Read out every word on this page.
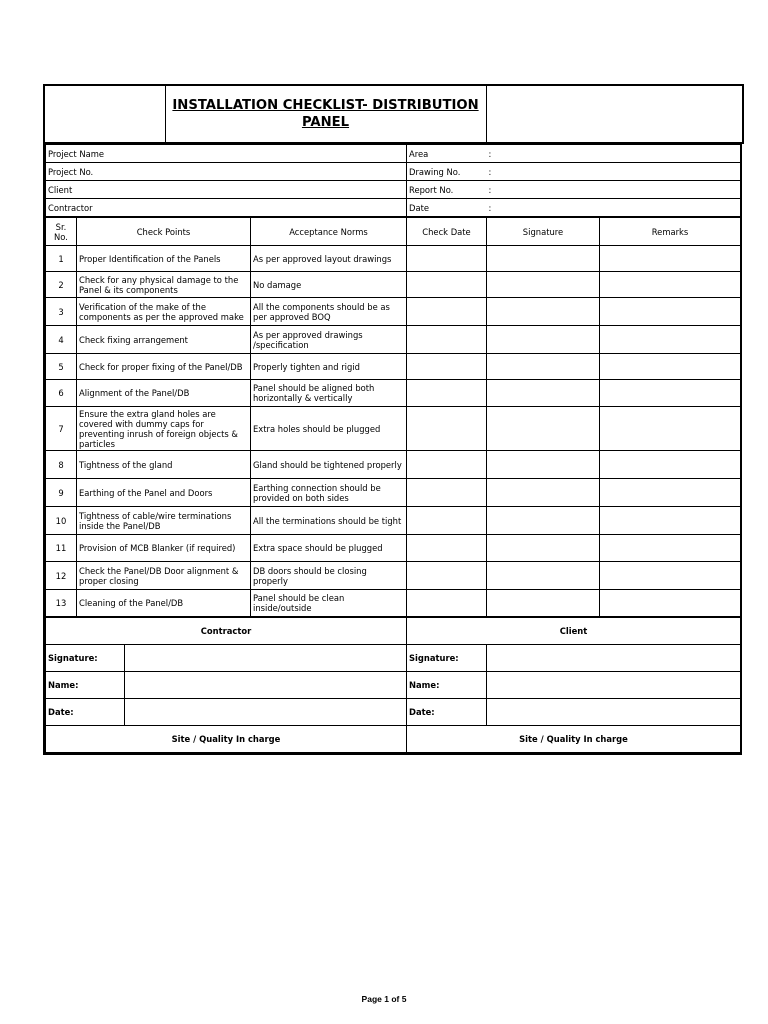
	INSTALLATION CHECKLIST- DISTRIBUTION PANEL	
Project Name	Area	:
Project No.	Drawing No.	:
Client	Report No.	:
Contractor	Date	:
Sr. No.	Check Points	Acceptance Norms	Check Date	Signature	Remarks
1	Proper Identification of the Panels	As per approved layout drawings			
2	Check for any physical damage to the Panel & its components	No damage			
3	Verification of the make of the components as per the approved make	All the components should be as per approved BOQ			
4	Check fixing arrangement	As per approved drawings /specification			
5	Check for proper fixing of the Panel/DB	Properly tighten and rigid			
6	Alignment of the Panel/DB	Panel should be aligned both horizontally & vertically			
7	Ensure the extra gland holes are covered with dummy caps for preventing inrush of foreign objects & particles	Extra holes should be plugged			
8	Tightness of the gland	Gland should be tightened properly			
9	Earthing of the Panel and Doors	Earthing connection should be provided on both sides			
10	Tightness of cable/wire terminations inside the Panel/DB	All the terminations should be tight			
11	Provision of MCB Blanker (if required)	Extra space should be plugged			
12	Check the Panel/DB Door alignment & proper closing	DB doors should be closing properly			
13	Cleaning of the Panel/DB	Panel should be clean inside/outside			
Contractor		Client	
Signature:		Signature:	
Name:		Name:	
Date:		Date:	
Site / Quality In charge		Site / Quality In charge	
Page 1 of 5
